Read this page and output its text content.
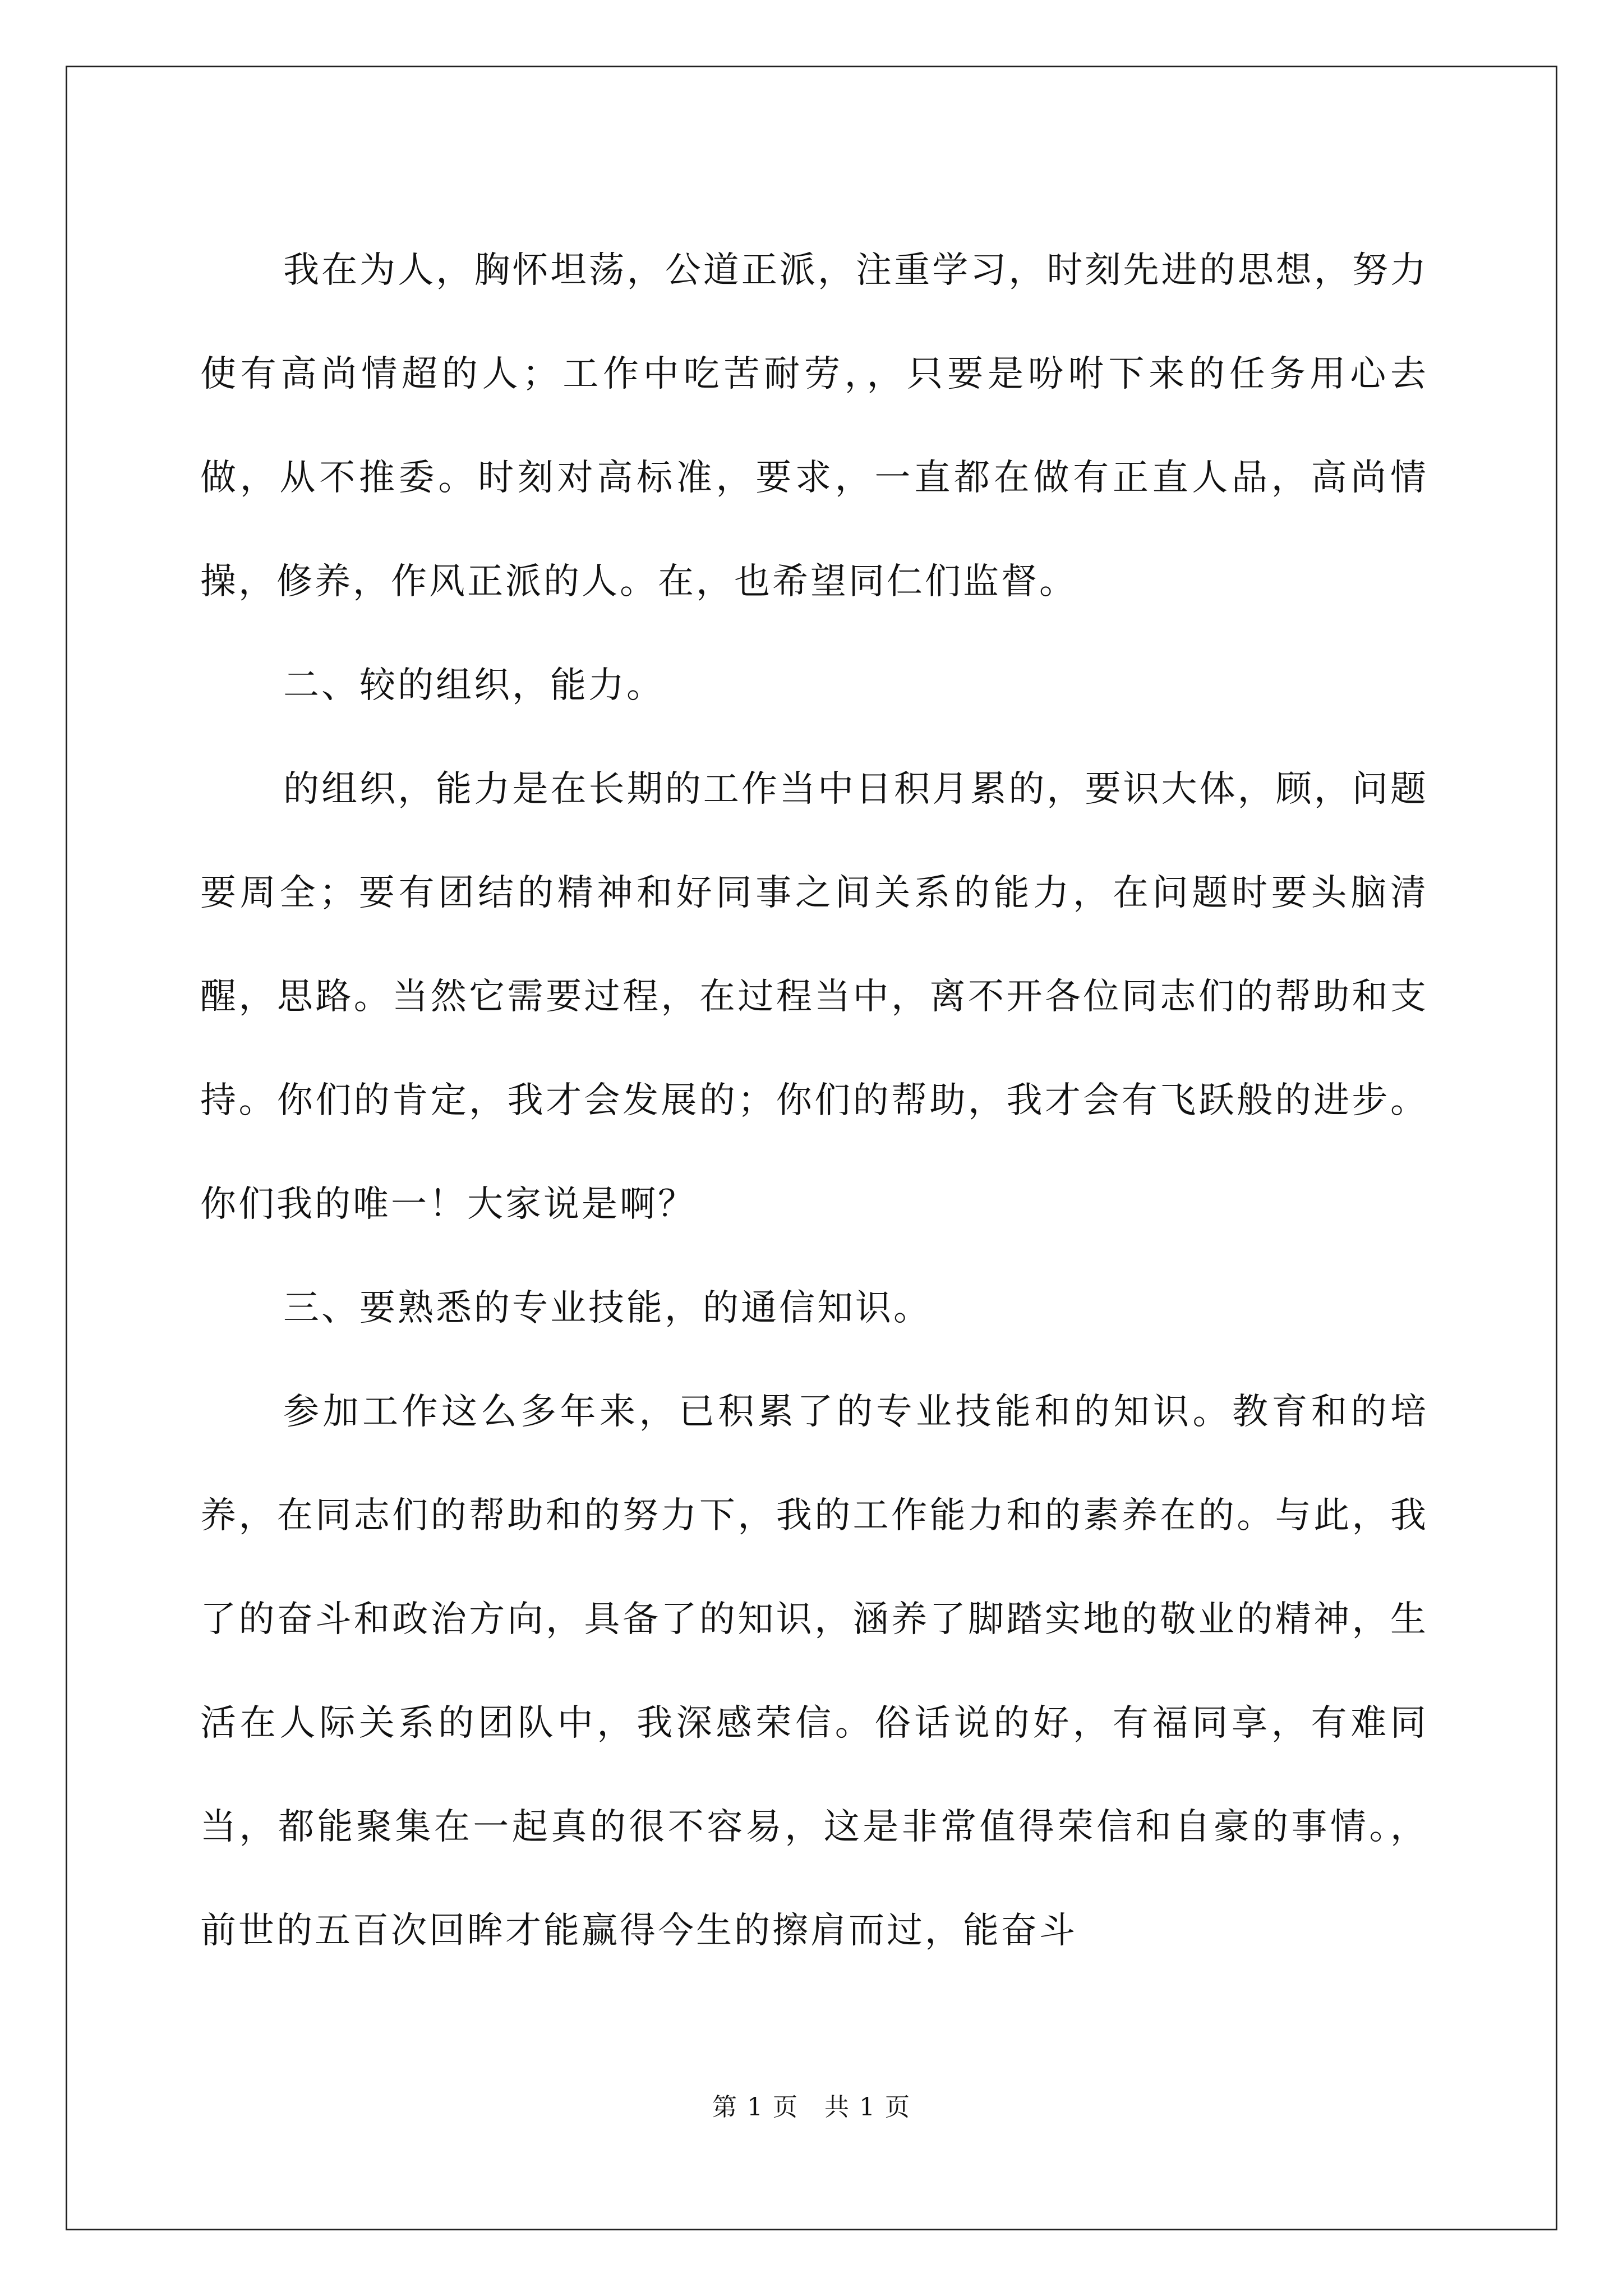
我在为人，胸怀坦荡，公道正派，注重学习，时刻先进的思想，努力使有高尚情超的人；工作中吃苦耐劳，，只要是吩咐下来的任务用心去做，从不推委。时刻对高标准，要求，一直都在做有正直人品，高尚情操，修养，作风正派的人。在，也希望同仁们监督。

二、较的组织，能力。

的组织，能力是在长期的工作当中日积月累的，要识大体，顾，问题要周全；要有团结的精神和好同事之间关系的能力，在问题时要头脑清醒，思路。当然它需要过程，在过程当中，离不开各位同志们的帮助和支持。你们的肯定，我才会发展的；你们的帮助，我才会有飞跃般的进步。你们我的唯一！大家说是啊？

三、要熟悉的专业技能，的通信知识。

参加工作这么多年来，已积累了的专业技能和的知识。教育和的培养，在同志们的帮助和的努力下，我的工作能力和的素养在的。与此，我了的奋斗和政治方向，具备了的知识，涵养了脚踏实地的敬业的精神，生活在人际关系的团队中，我深感荣信。俗话说的好，有福同享，有难同当，都能聚集在一起真的很不容易，这是非常值得荣信和自豪的事情。，前世的五百次回眸才能赢得今生的擦肩而过，能奋斗

第 1 页　共 1 页
